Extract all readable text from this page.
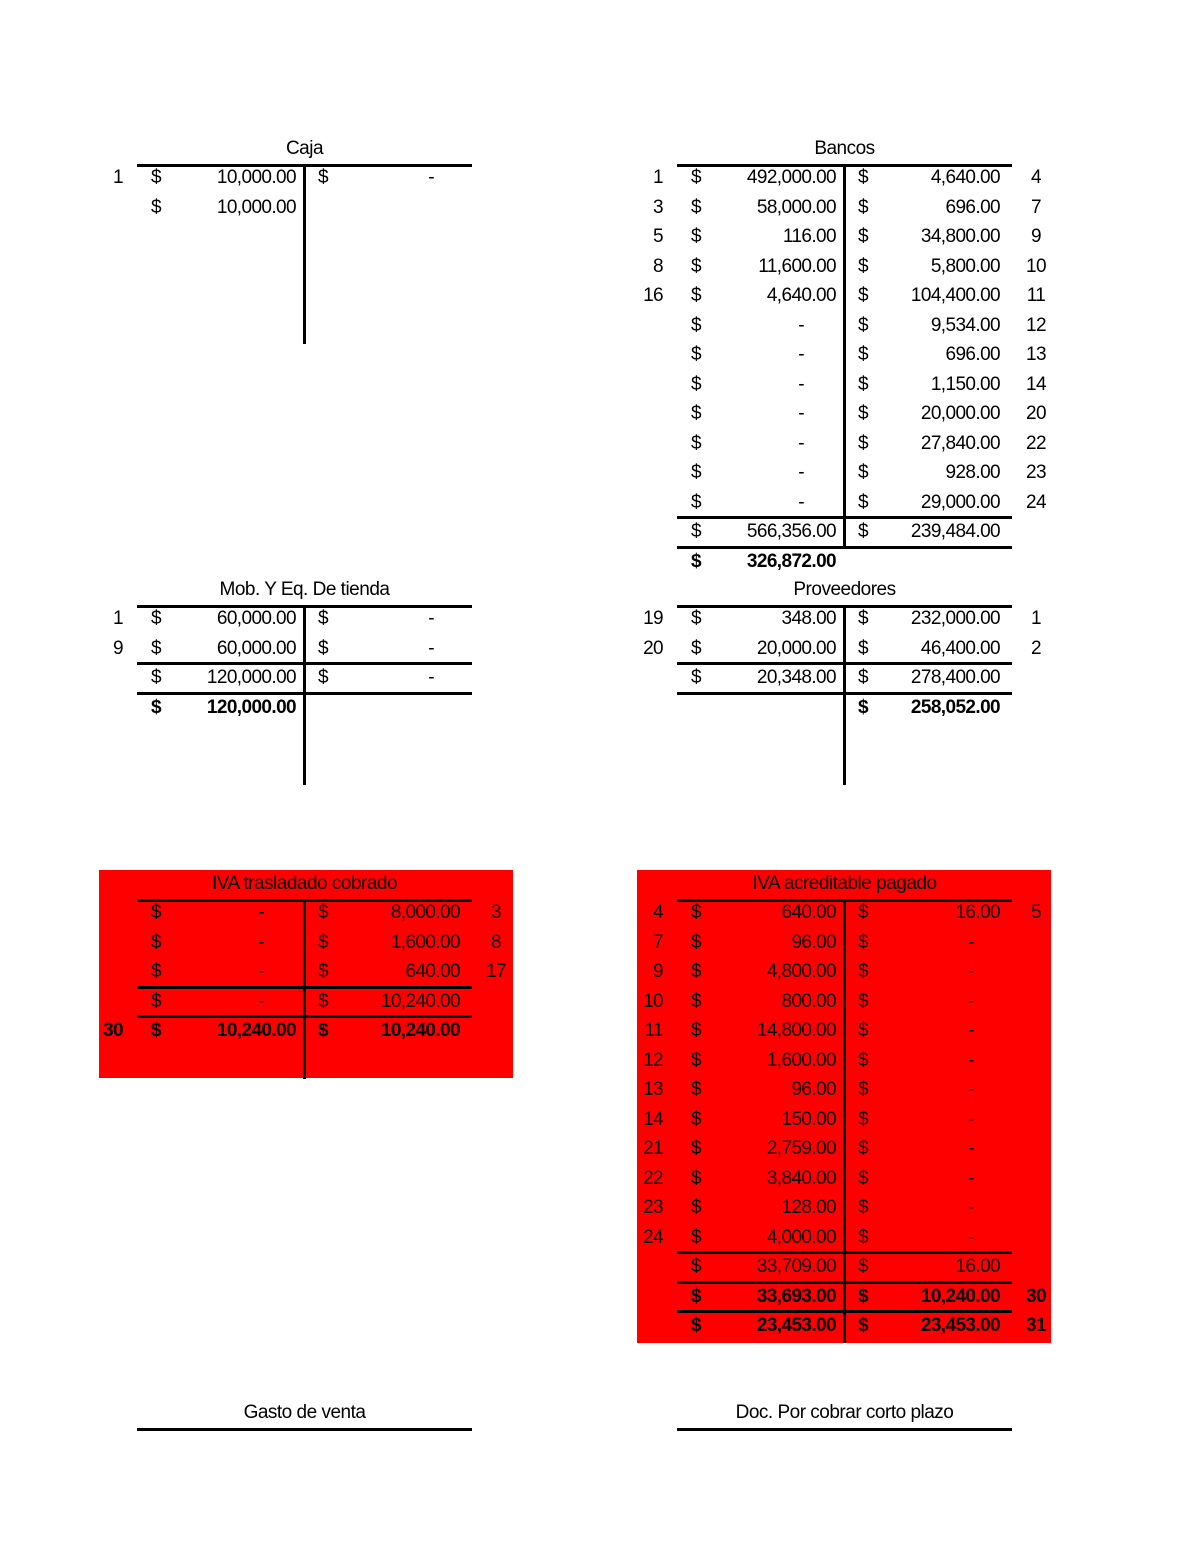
Caja
1 $	10,000.00 $	-
$	10,000.00
Bancos
1 $ 492,000.00 $	4,640.00	4
3 $	58,000.00 $	696.00	7
5 $	116.00 $	34,800.00	9
8 $	11,600.00 $	5,800.00 10
16 $	4,640.00 $ 104,400.00	11
$	-	$	9,534.00 12
$	-	$	696.00 13
$	-	$	1,150.00 14
$	-	$	20,000.00 20
$	-	$	27,840.00 22
$	-	$	928.00 23
$	-	$	29,000.00 24
$ 566,356.00 $ 239,484.00
$ 326,872.00
Mob. Y Eq. De tienda
1 $	60,000.00 $	-
9 $	60,000.00 $	-
$ 120,000.00 $	-
$ 120,000.00
Proveedores
19 $	348.00 $ 232,000.00	1
20 $	20,000.00 $	46,400.00	2
$	20,348.00 $ 278,400.00
$ 258,052.00
IVA trasladado cobrado
$	-	$	8,000.00	3
$	-	$	1,600.00	8
$	-	$	640.00 17
$	-	$	10,240.00
30 $	10,240.00 $	10,240.00
IVA acreditable pagado
4 $	640.00 $	16.00	5
7 $	96.00 $	-
9 $	4,800.00 $	-
10 $	800.00 $	-
11 $	14,800.00 $	-
12 $	1,600.00 $	-
13 $	96.00 $	-
14 $	150.00 $	-
21 $	2,759.00 $	-
22 $	3,840.00 $	-
23 $	128.00 $	-
24 $	4,000.00 $	-
$	33,709.00 $	16.00
$	33,693.00 $	10,240.00 30
$	23,453.00 $	23,453.00 31
Gasto de venta	Doc. Por cobrar corto plazo
